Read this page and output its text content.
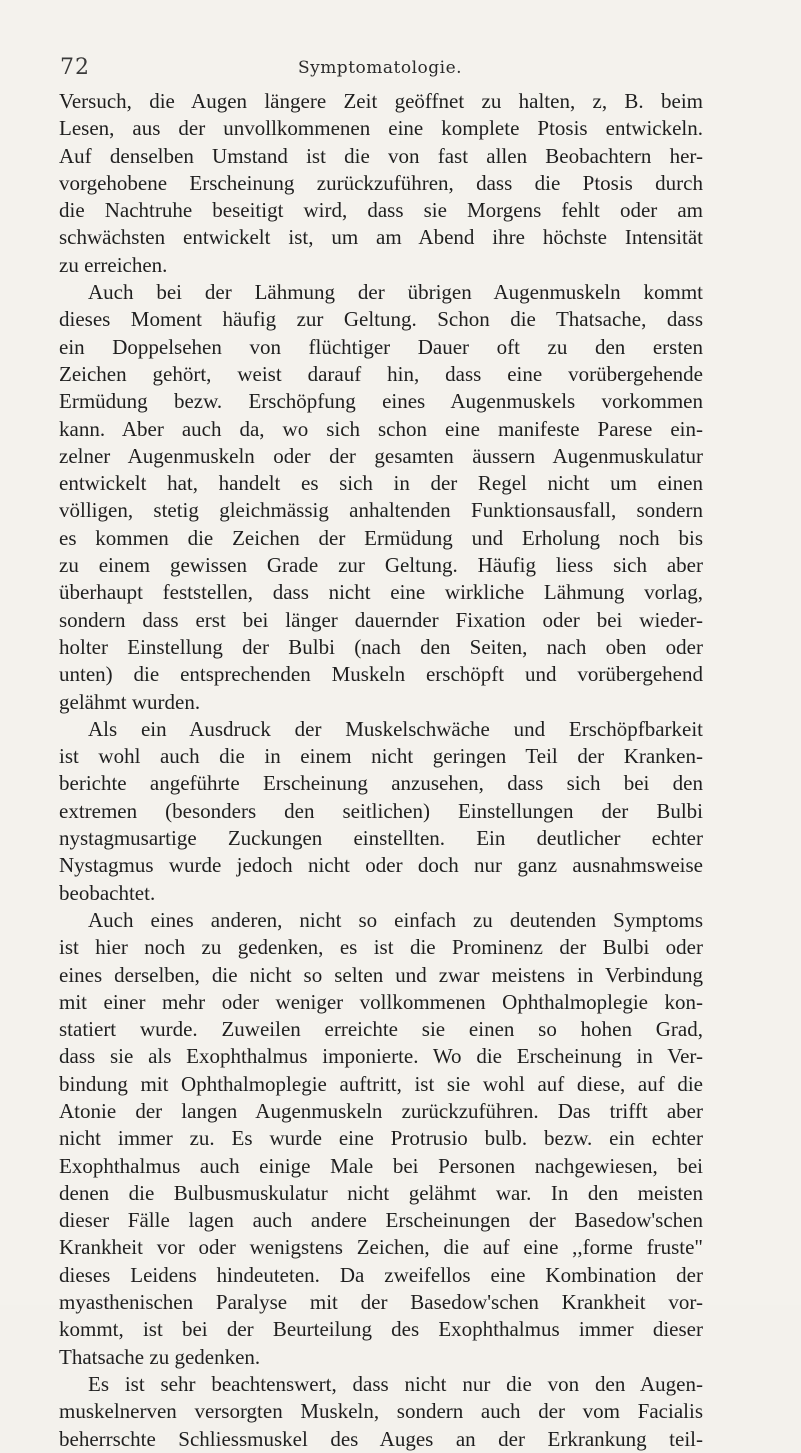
72	Symptomatologie.
Versuch, die Augen längere Zeit geöffnet zu halten, z, B. beim
Lesen, aus der unvollkommenen eine komplete Ptosis entwickeln.
Auf denselben Umstand ist die von fast allen Beobachtern her-
vorgehobene Erscheinung zurückzuführen, dass die Ptosis durch
die Nachtruhe beseitigt wird, dass sie Morgens fehlt oder am
schwächsten entwickelt ist, um am Abend ihre höchste Intensität
zu erreichen.
Auch bei der Lähmung der übrigen Augenmuskeln kommt
dieses Moment häufig zur Geltung. Schon die Thatsache, dass
ein Doppelsehen von flüchtiger Dauer oft zu den ersten
Zeichen gehört, weist darauf hin, dass eine vorübergehende
Ermüdung bezw. Erschöpfung eines Augenmuskels vorkommen
kann. Aber auch da, wo sich schon eine manifeste Parese ein-
zelner Augenmuskeln oder der gesamten äussern Augenmuskulatur
entwickelt hat, handelt es sich in der Regel nicht um einen
völligen, stetig gleichmässig anhaltenden Funktionsausfall, sondern
es kommen die Zeichen der Ermüdung und Erholung noch bis
zu einem gewissen Grade zur Geltung. Häufig liess sich aber
überhaupt feststellen, dass nicht eine wirkliche Lähmung vorlag,
sondern dass erst bei länger dauernder Fixation oder bei wieder-
holter Einstellung der Bulbi (nach den Seiten, nach oben oder
unten) die entsprechenden Muskeln erschöpft und vorübergehend
gelähmt wurden.
Als ein Ausdruck der Muskelschwäche und Erschöpfbarkeit
ist wohl auch die in einem nicht geringen Teil der Kranken-
berichte angeführte Erscheinung anzusehen, dass sich bei den
extremen (besonders den seitlichen) Einstellungen der Bulbi
nystagmusartige Zuckungen einstellten. Ein deutlicher echter
Nystagmus wurde jedoch nicht oder doch nur ganz ausnahmsweise
beobachtet.
Auch eines anderen, nicht so einfach zu deutenden Symptoms
ist hier noch zu gedenken, es ist die Prominenz der Bulbi oder
eines derselben, die nicht so selten und zwar meistens in Verbindung
mit einer mehr oder weniger vollkommenen Ophthalmoplegie kon-
statiert wurde. Zuweilen erreichte sie einen so hohen Grad,
dass sie als Exophthalmus imponierte. Wo die Erscheinung in Ver-
bindung mit Ophthalmoplegie auftritt, ist sie wohl auf diese, auf die
Atonie der langen Augenmuskeln zurückzuführen. Das trifft aber
nicht immer zu. Es wurde eine Protrusio bulb. bezw. ein echter
Exophthalmus auch einige Male bei Personen nachgewiesen, bei
denen die Bulbusmuskulatur nicht gelähmt war. In den meisten
dieser Fälle lagen auch andere Erscheinungen der Basedow'schen
Krankheit vor oder wenigstens Zeichen, die auf eine ,,forme fruste"
dieses Leidens hindeuteten. Da zweifellos eine Kombination der
myasthenischen Paralyse mit der Basedow'schen Krankheit vor-
kommt, ist bei der Beurteilung des Exophthalmus immer dieser
Thatsache zu gedenken.
Es ist sehr beachtenswert, dass nicht nur die von den Augen-
muskelnerven versorgten Muskeln, sondern auch der vom Facialis
beherrschte Schliessmuskel des Auges an der Erkrankung teil-
